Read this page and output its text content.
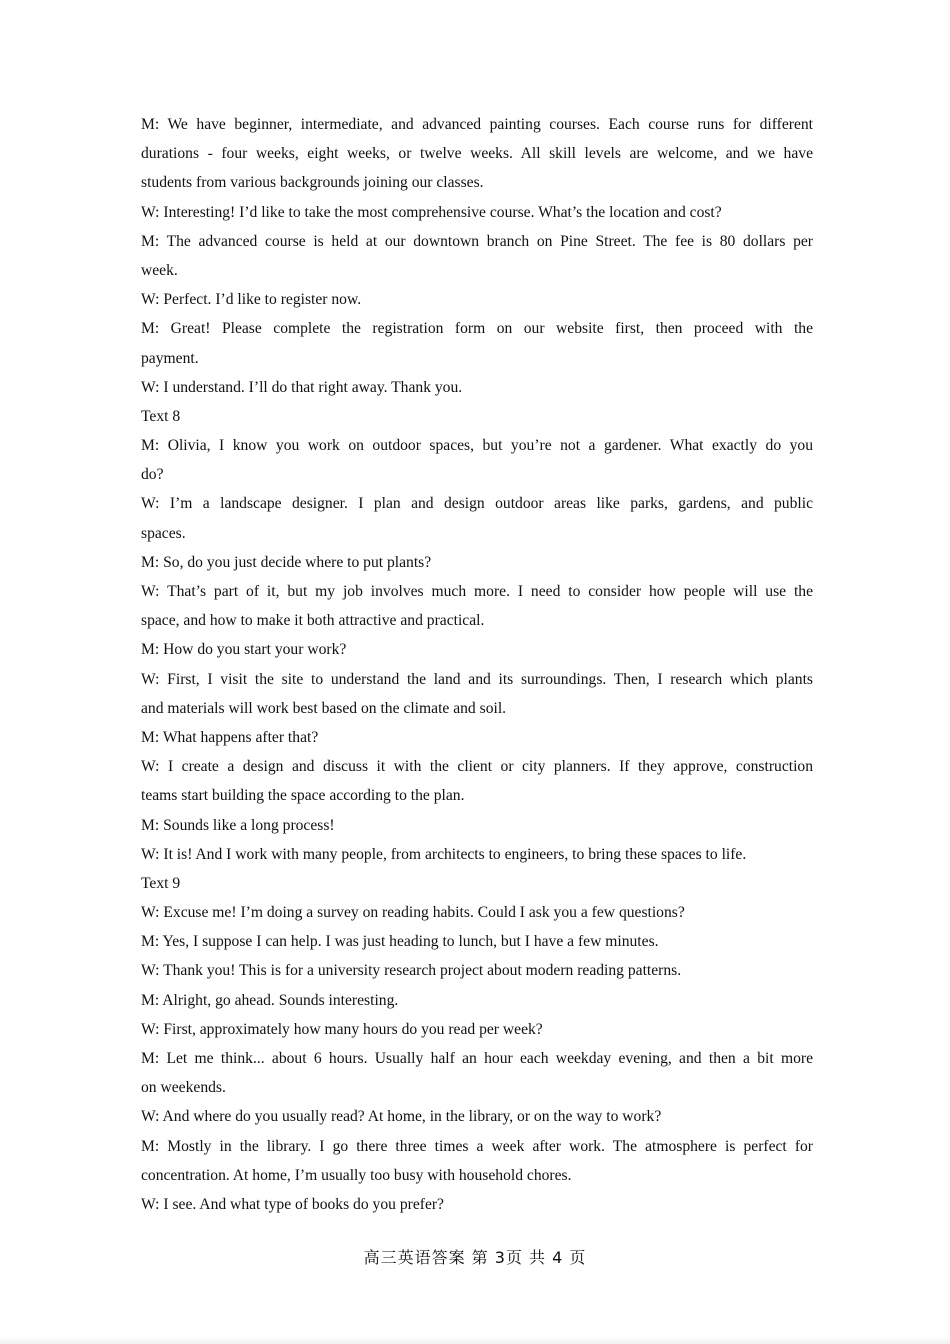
M: We have beginner, intermediate, and advanced painting courses. Each course runs for different
durations - four weeks, eight weeks, or twelve weeks. All skill levels are welcome, and we have
students from various backgrounds joining our classes.
W: Interesting! I’d like to take the most comprehensive course. What’s the location and cost?
M: The advanced course is held at our downtown branch on Pine Street. The fee is 80 dollars per
week.
W: Perfect. I’d like to register now.
M: Great! Please complete the registration form on our website first, then proceed with the
payment.
W: I understand. I’ll do that right away. Thank you.
Text 8
M: Olivia, I know you work on outdoor spaces, but you’re not a gardener. What exactly do you
do?
W: I’m a landscape designer. I plan and design outdoor areas like parks, gardens, and public
spaces.
M: So, do you just decide where to put plants?
W: That’s part of it, but my job involves much more. I need to consider how people will use the
space, and how to make it both attractive and practical.
M: How do you start your work?
W: First, I visit the site to understand the land and its surroundings. Then, I research which plants
and materials will work best based on the climate and soil.
M: What happens after that?
W: I create a design and discuss it with the client or city planners. If they approve, construction
teams start building the space according to the plan.
M: Sounds like a long process!
W: It is! And I work with many people, from architects to engineers, to bring these spaces to life.
Text 9
W: Excuse me! I’m doing a survey on reading habits. Could I ask you a few questions?
M: Yes, I suppose I can help. I was just heading to lunch, but I have a few minutes.
W: Thank you! This is for a university research project about modern reading patterns.
M: Alright, go ahead. Sounds interesting.
W: First, approximately how many hours do you read per week?
M: Let me think... about 6 hours. Usually half an hour each weekday evening, and then a bit more
on weekends.
W: And where do you usually read? At home, in the library, or on the way to work?
M: Mostly in the library. I go there three times a week after work. The atmosphere is perfect for
concentration. At home, I’m usually too busy with household chores.
W: I see. And what type of books do you prefer?
高三英语答案 第 3页 共 4 页
